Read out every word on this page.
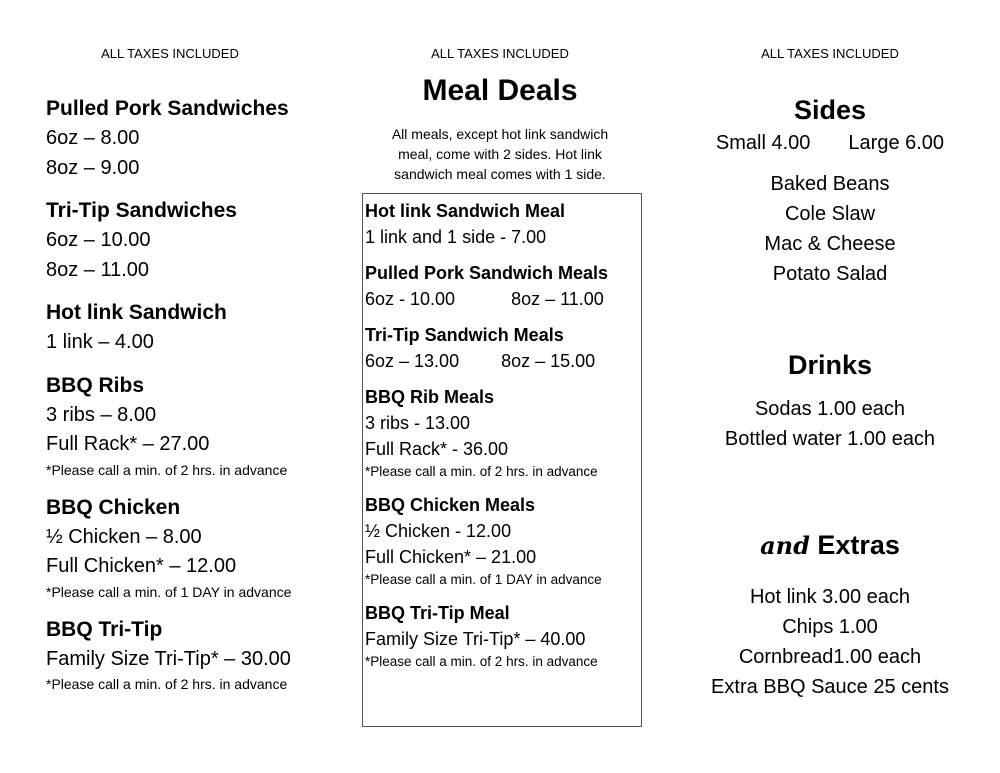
ALL TAXES INCLUDED
Pulled Pork Sandwiches
6oz – 8.00
8oz – 9.00
Tri-Tip Sandwiches
6oz – 10.00
8oz – 11.00
Hot link Sandwich
1 link – 4.00
BBQ Ribs
3 ribs – 8.00
Full Rack* – 27.00
*Please call a min. of 2 hrs. in advance
BBQ Chicken
½ Chicken – 8.00
Full Chicken* – 12.00
*Please call a min. of 1 DAY in advance
BBQ Tri-Tip
Family Size Tri-Tip* – 30.00
*Please call a min. of 2 hrs. in advance
ALL TAXES INCLUDED
Meal Deals
All meals, except hot link sandwich meal, come with 2 sides. Hot link sandwich meal comes with 1 side.
Hot link Sandwich Meal
1 link and 1 side - 7.00
Pulled Pork Sandwich Meals
6oz - 10.00	8oz – 11.00
Tri-Tip Sandwich Meals
6oz – 13.00 8oz – 15.00
BBQ Rib Meals
3 ribs - 13.00
Full Rack* - 36.00
*Please call a min. of 2 hrs. in advance
BBQ Chicken Meals
½ Chicken - 12.00
Full Chicken* – 21.00
*Please call a min. of 1 DAY in advance
BBQ Tri-Tip Meal
Family Size Tri-Tip* – 40.00
*Please call a min. of 2 hrs. in advance
ALL TAXES INCLUDED
Sides
Small 4.00 Large 6.00
Baked Beans
Cole Slaw
Mac & Cheese
Potato Salad
Drinks
Sodas 1.00 each
Bottled water 1.00 each
and Extras
Hot link 3.00 each
Chips 1.00
Cornbread1.00 each
Extra BBQ Sauce 25 cents
